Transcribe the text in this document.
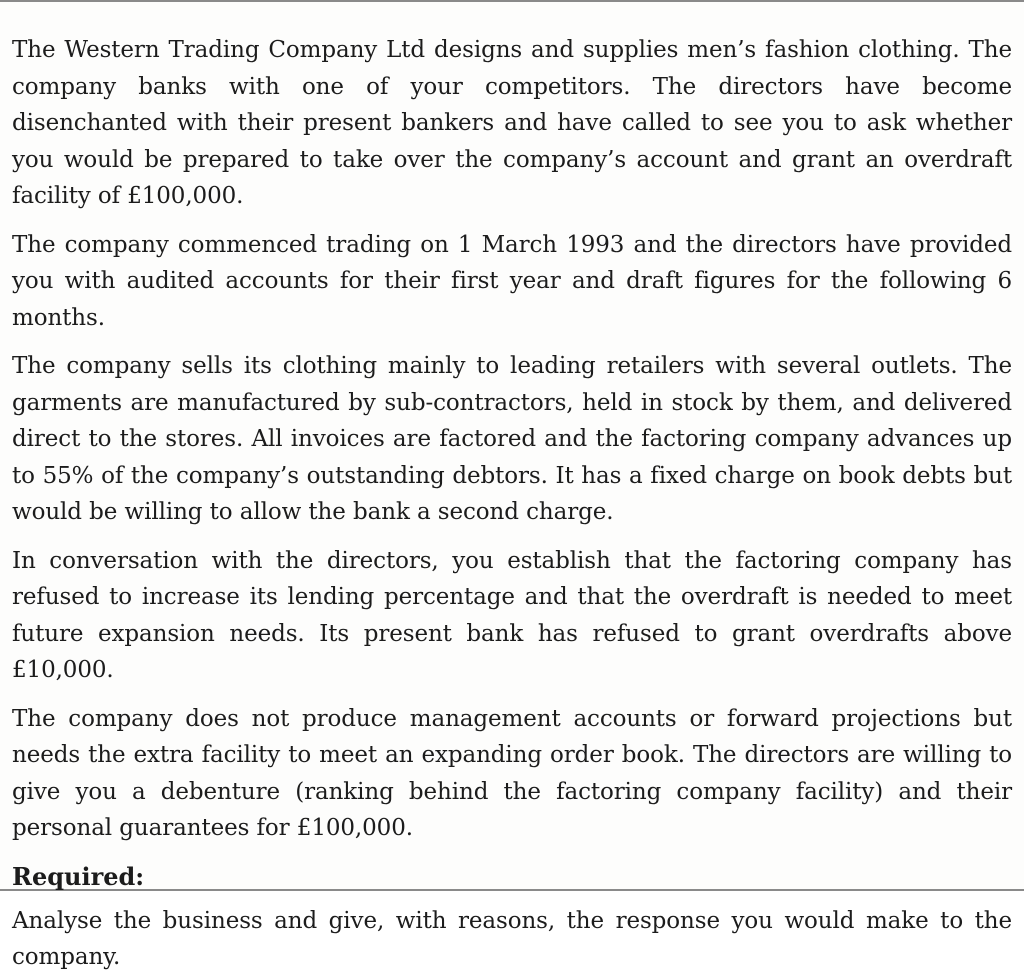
The Western Trading Company Ltd designs and supplies men’s fashion clothing. The company banks with one of your competitors. The directors have become disenchanted with their present bankers and have called to see you to ask whether you would be prepared to take over the company’s account and grant an overdraft facility of £100,000.

The company commenced trading on 1 March 1993 and the directors have provided you with audited accounts for their first year and draft figures for the following 6 months.

The company sells its clothing mainly to leading retailers with several outlets. The garments are manufactured by sub-contractors, held in stock by them, and delivered direct to the stores. All invoices are factored and the factoring company advances up to 55% of the company’s outstanding debtors. It has a fixed charge on book debts but would be willing to allow the bank a second charge.

In conversation with the directors, you establish that the factoring company has refused to increase its lending percentage and that the overdraft is needed to meet future expansion needs. Its present bank has refused to grant overdrafts above £10,000.

The company does not produce management accounts or forward projections but needs the extra facility to meet an expanding order book. The directors are willing to give you a debenture (ranking behind the factoring company facility) and their personal guarantees for £100,000.

Required:

Analyse the business and give, with reasons, the response you would make to the company.
